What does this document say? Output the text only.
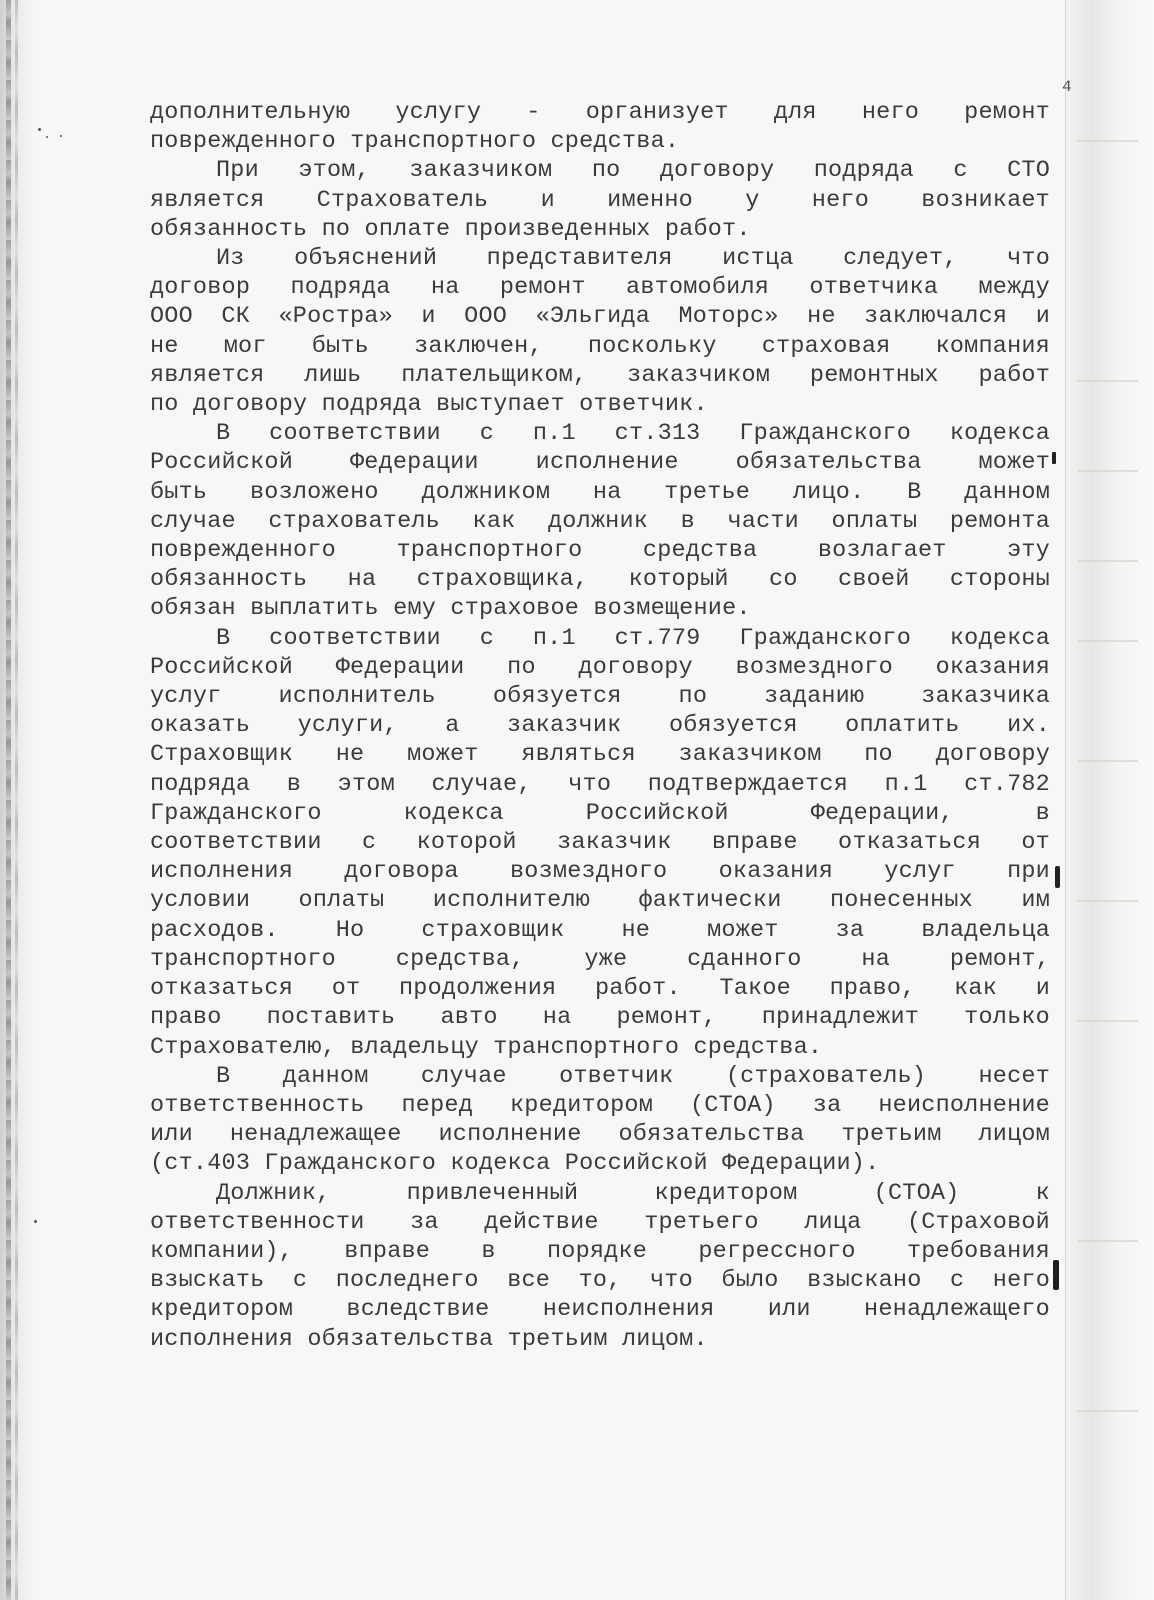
4
дополнительную услугу - организует для него ремонт
поврежденного транспортного средства.
При этом, заказчиком по договору подряда с СТО
является Страхователь и именно у него возникает
обязанность по оплате произведенных работ.
Из объяснений представителя истца следует, что
договор подряда на ремонт автомобиля ответчика между
ООО СК «Ростра» и ООО «Эльгида Моторс» не заключался и
не мог быть заключен, поскольку страховая компания
является лишь плательщиком, заказчиком ремонтных работ
по договору подряда выступает ответчик.
В соответствии с п.1 ст.313 Гражданского кодекса
Российской Федерации исполнение обязательства может
быть возложено должником на третье лицо. В данном
случае страхователь как должник в части оплаты ремонта
поврежденного транспортного средства возлагает эту
обязанность на страховщика, который со своей стороны
обязан выплатить ему страховое возмещение.
В соответствии с п.1 ст.779 Гражданского кодекса
Российской Федерации по договору возмездного оказания
услуг исполнитель обязуется по заданию заказчика
оказать услуги, а заказчик обязуется оплатить их.
Страховщик не может являться заказчиком по договору
подряда в этом случае, что подтверждается п.1 ст.782
Гражданского кодекса Российской Федерации, в
соответствии с которой заказчик вправе отказаться от
исполнения договора возмездного оказания услуг при
условии оплаты исполнителю фактически понесенных им
расходов. Но страховщик не может за владельца
транспортного средства, уже сданного на ремонт,
отказаться от продолжения работ. Такое право, как и
право поставить авто на ремонт, принадлежит только
Страхователю, владельцу транспортного средства.
В данном случае ответчик (страхователь) несет
ответственность перед кредитором (СТОА) за неисполнение
или ненадлежащее исполнение обязательства третьим лицом
(ст.403 Гражданского кодекса Российской Федерации).
Должник, привлеченный кредитором (СТОА) к
ответственности за действие третьего лица (Страховой
компании), вправе в порядке регрессного требования
взыскать с последнего все то, что было взыскано с него
кредитором вследствие неисполнения или ненадлежащего
исполнения обязательства третьим лицом.
